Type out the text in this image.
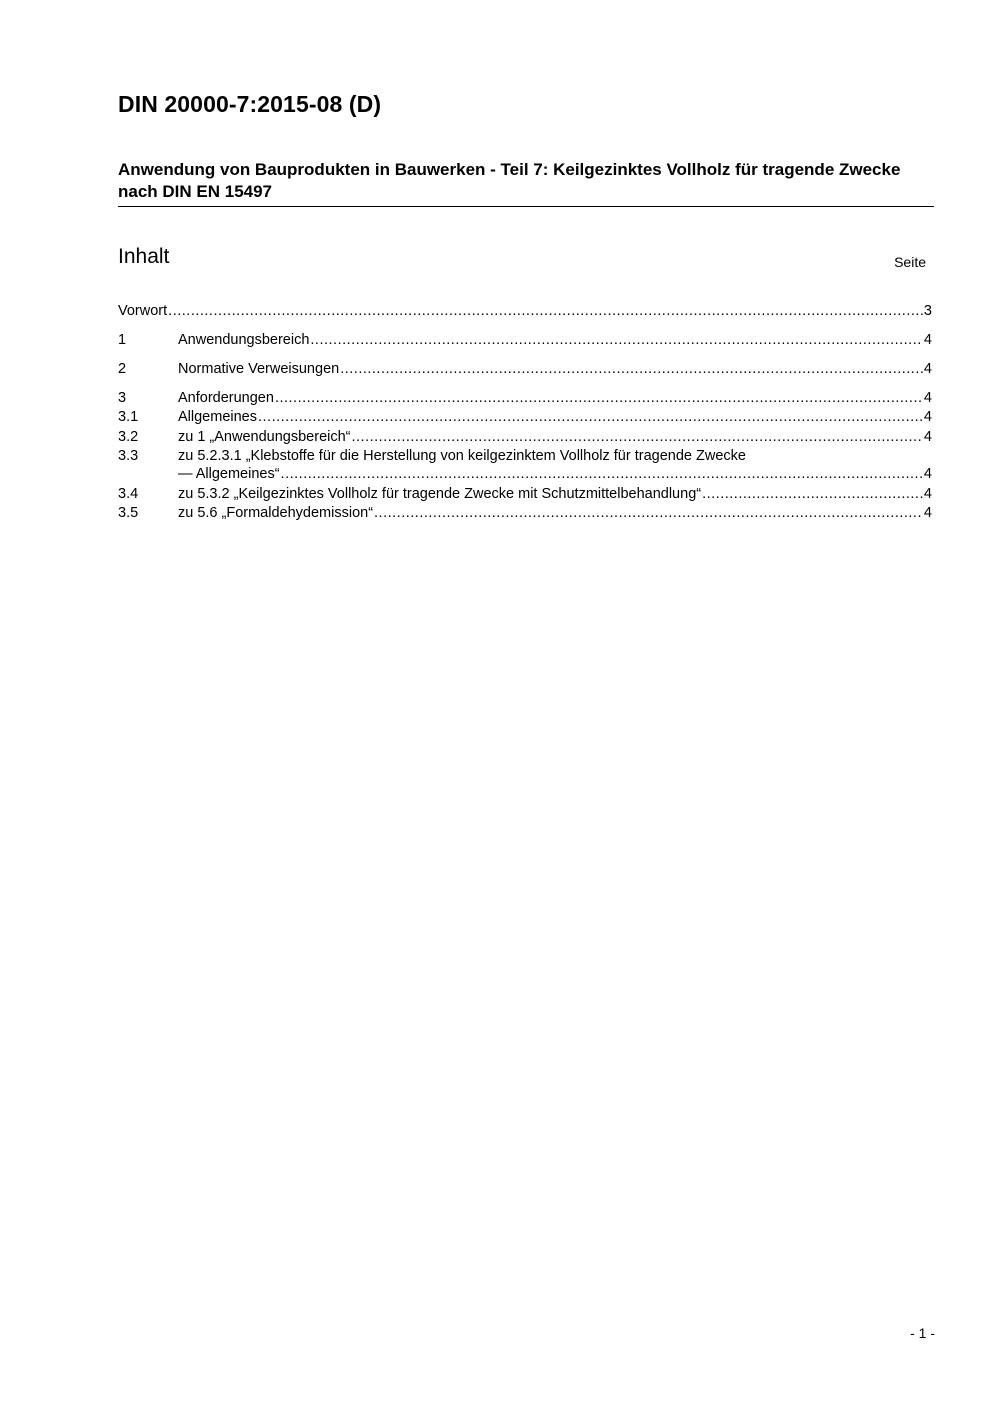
DIN 20000-7:2015-08 (D)
Anwendung von Bauprodukten in Bauwerken - Teil 7: Keilgezinktes Vollholz für tragende Zwecke nach DIN EN 15497
Inhalt	Seite
Vorwort .....	3
1	Anwendungsbereich .....	4
2	Normative Verweisungen .....	4
3	Anforderungen .....	4
3.1	Allgemeines .....	4
3.2	zu 1 „Anwendungsbereich“ .....	4
3.3	zu 5.2.3.1 „Klebstoffe für die Herstellung von keilgezinktem Vollholz für tragende Zwecke
— Allgemeines“ .....	4
3.4	zu 5.3.2 „Keilgezinktes Vollholz für tragende Zwecke mit Schutzmittelbehandlung“ .....	4
3.5	zu 5.6 „Formaldehydemission“ .....	4
- 1 -
